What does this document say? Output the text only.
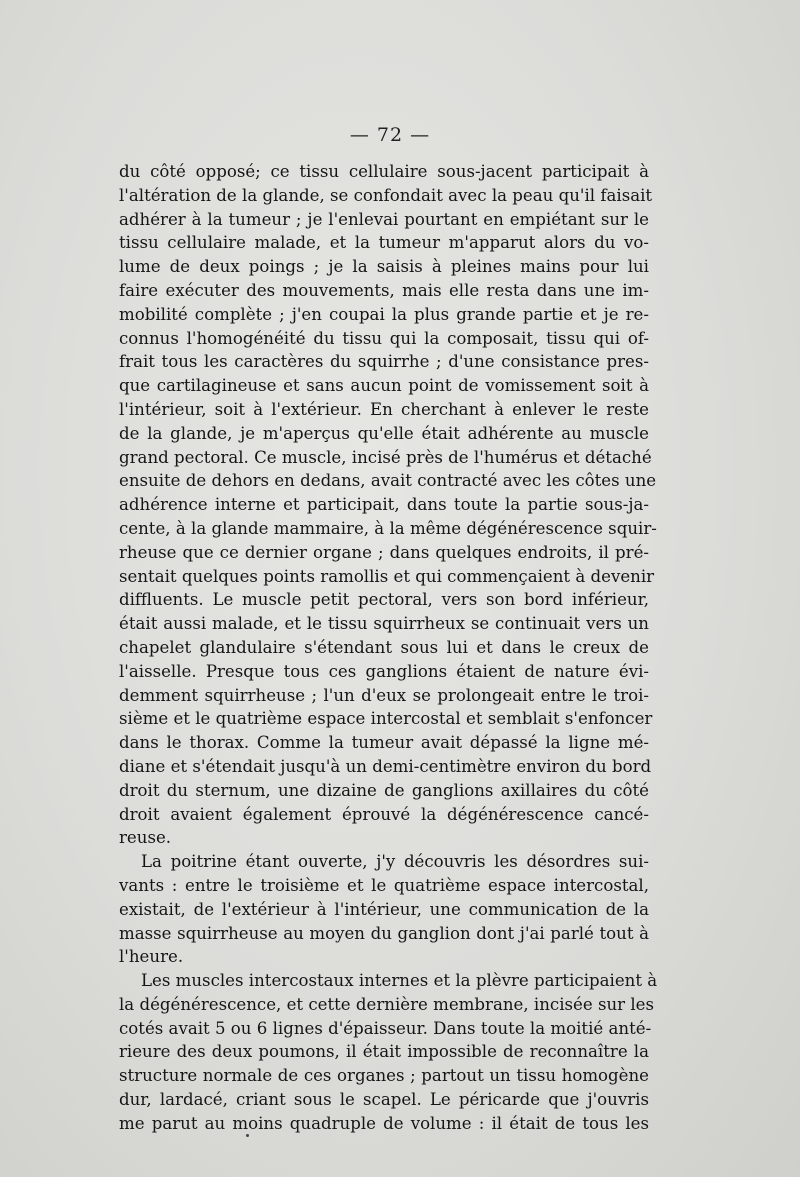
— 72 —
du côté opposé; ce tissu cellulaire sous-jacent participait à
l'altération de la glande, se confondait avec la peau qu'il faisait
adhérer à la tumeur ; je l'enlevai pourtant en empiétant sur le
tissu cellulaire malade, et la tumeur m'apparut alors du vo-
lume de deux poings ; je la saisis à pleines mains pour lui
faire exécuter des mouvements, mais elle resta dans une im-
mobilité complète ; j'en coupai la plus grande partie et je re-
connus l'homogénéité du tissu qui la composait, tissu qui of-
frait tous les caractères du squirrhe ; d'une consistance pres-
que cartilagineuse et sans aucun point de vomissement soit à
l'intérieur, soit à l'extérieur. En cherchant à enlever le reste
de la glande, je m'aperçus qu'elle était adhérente au muscle
grand pectoral. Ce muscle, incisé près de l'humérus et détaché
ensuite de dehors en dedans, avait contracté avec les côtes une
adhérence interne et participait, dans toute la partie sous-ja-
cente, à la glande mammaire, à la même dégénérescence squir-
rheuse que ce dernier organe ; dans quelques endroits, il pré-
sentait quelques points ramollis et qui commençaient à devenir
diffluents. Le muscle petit pectoral, vers son bord inférieur,
était aussi malade, et le tissu squirrheux se continuait vers un
chapelet glandulaire s'étendant sous lui et dans le creux de
l'aisselle. Presque tous ces ganglions étaient de nature évi-
demment squirrheuse ; l'un d'eux se prolongeait entre le troi-
sième et le quatrième espace intercostal et semblait s'enfoncer
dans le thorax. Comme la tumeur avait dépassé la ligne mé-
diane et s'étendait jusqu'à un demi-centimètre environ du bord
droit du sternum, une dizaine de ganglions axillaires du côté
droit avaient également éprouvé la dégénérescence cancé-
reuse.
La poitrine étant ouverte, j'y découvris les désordres sui-
vants : entre le troisième et le quatrième espace intercostal,
existait, de l'extérieur à l'intérieur, une communication de la
masse squirrheuse au moyen du ganglion dont j'ai parlé tout à
l'heure.
Les muscles intercostaux internes et la plèvre participaient à
la dégénérescence, et cette dernière membrane, incisée sur les
cotés avait 5 ou 6 lignes d'épaisseur. Dans toute la moitié anté-
rieure des deux poumons, il était impossible de reconnaître la
structure normale de ces organes ; partout un tissu homogène
dur, lardacé, criant sous le scapel. Le péricarde que j'ouvris
me parut au moins quadruple de volume : il était de tous les
